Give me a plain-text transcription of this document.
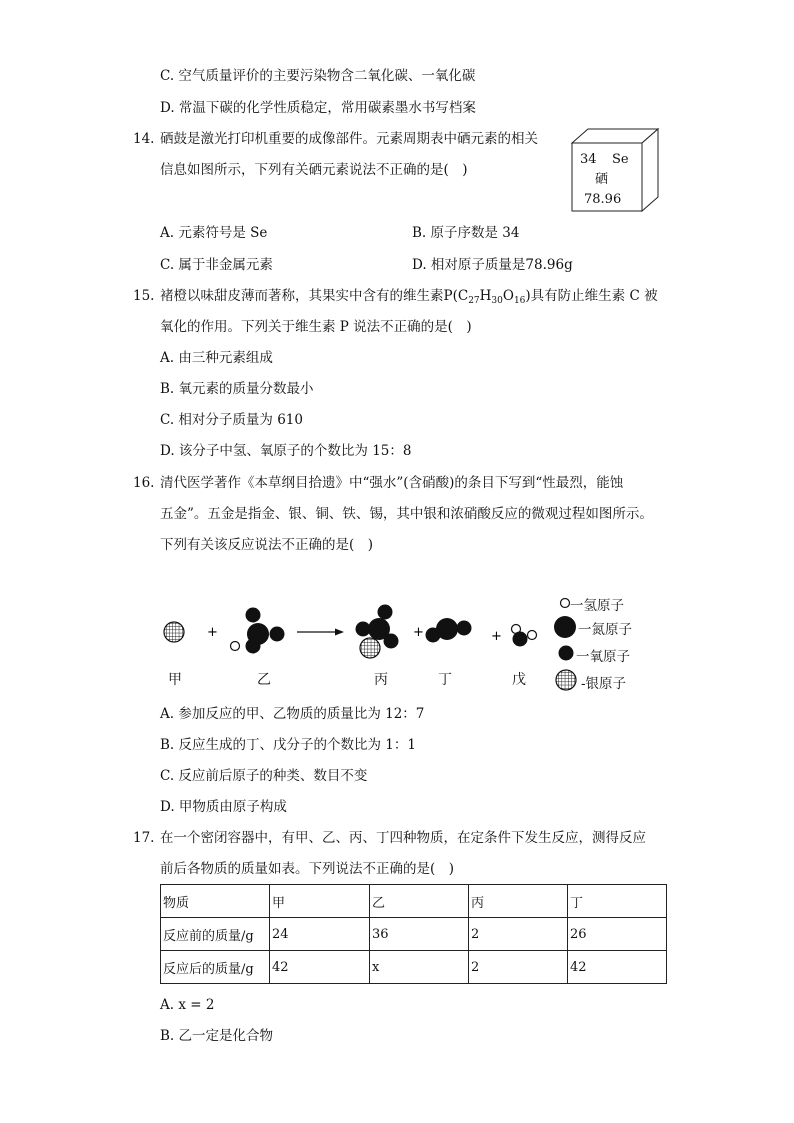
C. 空气质量评价的主要污染物含二氧化碳、一氧化碳
D. 常温下碳的化学性质稳定，常用碳素墨水书写档案
14. 硒鼓是激光打印机重要的成像部件。元素周期表中硒元素的相关
信息如图所示，下列有关硒元素说法不正确的是(　)
34 Se
硒
78.96
A. 元素符号是 Se	B. 原子序数是 34
C. 属于非金属元素	D. 相对原子质量是78.96g
15. 褚橙以味甜皮薄而著称，其果实中含有的维生素$P(C_{27}H_{30}O_{16})$具有防止维生素 C 被
氧化的作用。下列关于维生素 P 说法不正确的是(　)
A. 由三种元素组成
B. 氧元素的质量分数最小
C. 相对分子质量为 610
D. 该分子中氢、氧原子的个数比为 15：8
16. 清代医学著作《本草纲目拾遗》中“强水”(含硝酸)的条目下写到“性最烈，能蚀
五金”。五金是指金、银、铜、铁、锡，其中银和浓硝酸反应的微观过程如图所示。
下列有关该反应说法不正确的是(　)
+	+	+
一氢原子
一氮原子
一氧原子
-银原子
甲	乙	丙	丁	戊
A. 参加反应的甲、乙物质的质量比为 12：7
B. 反应生成的丁、戊分子的个数比为 1：1
C. 反应前后原子的种类、数目不变
D. 甲物质由原子构成
17. 在一个密闭容器中，有甲、乙、丙、丁四种物质，在定条件下发生反应，测得反应
前后各物质的质量如表。下列说法不正确的是(　)
物质	甲	乙	丙	丁
反应前的质量/g	24	36	2	26
反应后的质量/g	42	x	2	42
A. x = 2
B. 乙一定是化合物
